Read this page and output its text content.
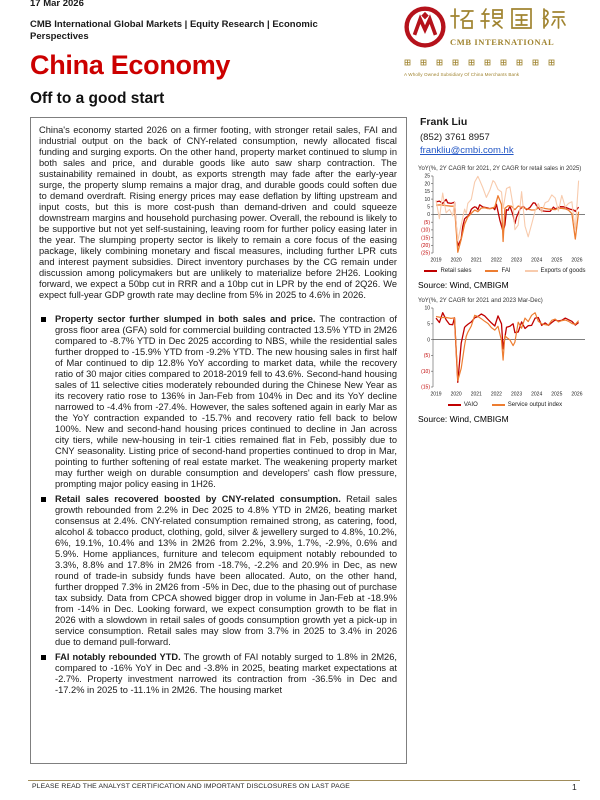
17 Mar 2026
CMB International Global Markets | Equity Research | Economic Perspectives	CMB INTERNATIONAL
A Wholly Owned Subsidiary Of China Merchants Bank
China Economy
Off to a good start

China's economy started 2026 on a firmer footing, with stronger retail sales, FAI and industrial output on the back of CNY-related consumption, newly allocated fiscal funding and surging exports. On the other hand, property market continued to slump in both sales and price, and durable goods like auto saw sharp contraction. The sustainability remained in doubt, as exports strength may fade after the early-year surge, the property slump remains a major drag, and durable goods could soften due to demand overdraft. Rising energy prices may ease deflation by lifting upstream and input costs, but this is more cost-push than demand-driven and could squeeze downstream margins and household purchasing power. Overall, the rebound is likely to be supportive but not yet self-sustaining, leaving room for further policy easing later in the year. The slumping property sector is likely to remain a core focus of the easing package, likely combining monetary and fiscal measures, including further LPR cuts and interest payment subsidies. Direct inventory purchases by the CG remain under discussion among policymakers but are unlikely to materialize before 2H26. Looking forward, we expect a 50bp cut in RRR and a 10bp cut in LPR by the end of 2Q26. We expect full-year GDP growth rate may decline from 5% in 2025 to 4.6% in 2026.

Property sector further slumped in both sales and price. The contraction of gross floor area (GFA) sold for commercial building contracted 13.5% YTD in 2M26 compared to -8.7% YTD in Dec 2025 according to NBS, while the residential sales further dropped to -15.9% YTD from -9.2% YTD. The new housing sales in first half of Mar continued to dip 12.8% YoY according to market data, while the recovery ratio of 30 major cities compared to 2018-2019 fell to 43.6%. Second-hand housing sales of 11 selective cities moderately rebounded during the Chinese New Year as its recovery ratio rose to 136% in Jan-Feb from 104% in Dec and its YoY decline narrowed to -4.4% from -27.4%. However, the sales softened again in early Mar as the YoY contraction expanded to -15.7% and recovery ratio fell back to below 100%. New and second-hand housing prices continued to decline in Jan across city tiers, while new-housing in teir-1 cities remained flat in Feb, possibly due to CNY seasonality. Listing price of second-hand properties continued to drop in Mar, pointing to further softening of real estate market. The weakening property market may further weigh on durable consumption and developers' cash flow pressure, prompting major policy easing in 1H26.
Retail sales recovered boosted by CNY-related consumption. Retail sales growth rebounded from 2.2% in Dec 2025 to 4.8% YTD in 2M26, beating market consensus at 2.4%. CNY-related consumption remained strong, as catering, food, alcohol & tobacco product, clothing, gold, silver & jewellery surged to 4.8%, 10.2%, 6%, 19.1%, 10.4% and 13% in 2M26 from 2.2%, 3.9%, 1.7%, -2.9%, 0.6% and 5.9%. Home appliances, furniture and telecom equipment notably rebounded to 3.3%, 8.8% and 17.8% in 2M26 from -18.7%, -2.2% and 20.9% in Dec, as new round of trade-in subsidy funds have been allocated. Auto, on the other hand, further dropped 7.3% in 2M26 from -5% in Dec, due to the phasing out of purchase tax subsidy. Data from CPCA showed bigger drop in volume in Jan-Feb at -18.9% from -14% in Dec. Looking forward, we expect consumption growth to be flat in 2026 with a slowdown in retail sales of goods consumption growth yet a pick-up in service consumption. Retail sales may slow from 3.7% in 2025 to 3.4% in 2026 due to demand pull-forward.
FAI notably rebounded YTD. The growth of FAI notably surged to 1.8% in 2M26, compared to -16% YoY in Dec and -3.8% in 2025, beating market expectations at -2.7%. Property investment narrowed its contraction from -36.5% in Dec and -17.2% in 2025 to -11.1% in 2M26. The housing market
Frank Liu
(852) 3761 8957
frankliu@cmbi.com.hk
YoY(%, 2Y CAGR for 2021, 2Y CAGR for retail sales in 2025)
25
20
15
10
5
0
(5)
(10)
(15)
(20)
(25)
2019 2020 2021 2022 2023 2024 2025 2026
Retail sales	FAI	Exports of goods
Source: Wind, CMBIGM
YoY(%, 2Y CAGR for 2021 and 2023 Mar-Dec)
10
5
0
(5)
(10)
(15)
2019 2020 2021 2022 2023 2024 2025 2026
VAIO	Service output index
Source: Wind, CMBIGM
PLEASE READ THE ANALYST CERTIFICATION AND IMPORTANT DISCLOSURES ON LAST PAGE	1
